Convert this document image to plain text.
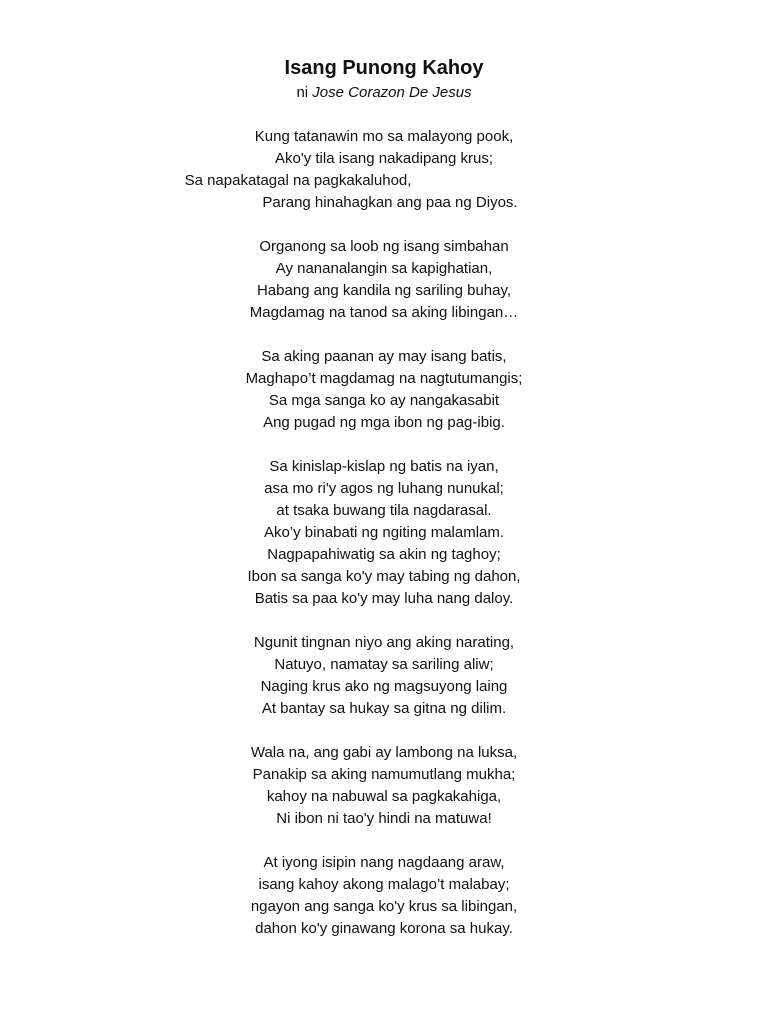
Isang Punong Kahoy
ni Jose Corazon De Jesus
Kung tatanawin mo sa malayong pook,
Ako'y tila isang nakadipang krus;
Sa napakatagal na pagkakaluhod,
Parang hinahagkan ang paa ng Diyos.
Organong sa loob ng isang simbahan
Ay nananalangin sa kapighatian,
Habang ang kandila ng sariling buhay,
Magdamag na tanod sa aking libingan…
Sa aking paanan ay may isang batis,
Maghapo’t magdamag na nagtutumangis;
Sa mga sanga ko ay nangakasabit
Ang pugad ng mga ibon ng pag-ibig.
Sa kinislap-kislap ng batis na iyan,
asa mo ri'y agos ng luhang nunukal;
at tsaka buwang tila nagdarasal.
Ako’y binabati ng ngiting malamlam.
Nagpapahiwatig sa akin ng taghoy;
Ibon sa sanga ko'y may tabing ng dahon,
Batis sa paa ko'y may luha nang daloy.
Ngunit tingnan niyo ang aking narating,
Natuyo, namatay sa sariling aliw;
Naging krus ako ng magsuyong laing
At bantay sa hukay sa gitna ng dilim.
Wala na, ang gabi ay lambong na luksa,
Panakip sa aking namumutlang mukha;
kahoy na nabuwal sa pagkakahiga,
Ni ibon ni tao'y hindi na matuwa!
At iyong isipin nang nagdaang araw,
isang kahoy akong malago’t malabay;
ngayon ang sanga ko'y krus sa libingan,
dahon ko'y ginawang korona sa hukay.
